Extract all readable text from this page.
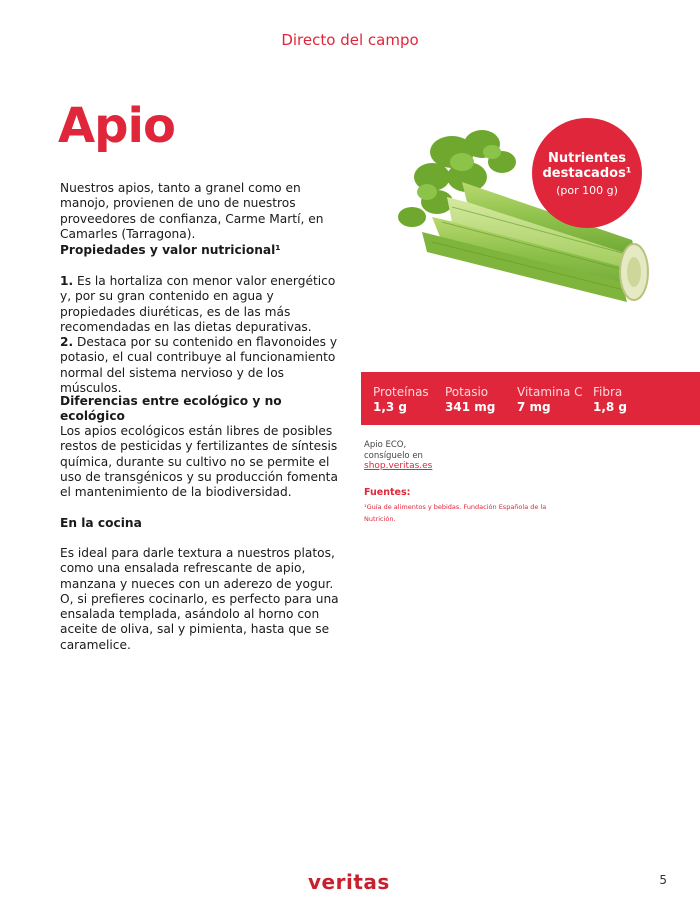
Directo del campo
Apio

Nuestros apios, tanto a granel como en manojo, provienen de uno de nuestros proveedores de confianza, Carme Martí, en Camarles (Tarragona).

Propiedades y valor nutricional¹

1. Es la hortaliza con menor valor energético y, por su gran contenido en agua y propiedades diuréticas, es de las más recomendadas en las dietas depurativas.

2. Destaca por su contenido en flavonoides y potasio, el cual contribuye al funcionamiento normal del sistema nervioso y de los músculos.

Diferencias entre ecológico y no ecológico

Los apios ecológicos están libres de posibles restos de pesticidas y fertilizantes de síntesis química, durante su cultivo no se permite el uso de transgénicos y su producción fomenta el mantenimiento de la biodiversidad.

En la cocina

Es ideal para darle textura a nuestros platos, como una ensalada refrescante de apio, manzana y nueces con un aderezo de yogur. O, si prefieres cocinarlo, es perfecto para una ensalada templada, asándolo al horno con aceite de oliva, sal y pimienta, hasta que se caramelice.

Nutrientes destacados¹
(por 100 g)
Proteínas
1,3 g
Potasio
341 mg
Vitamina C
7 mg
Fibra
1,8 g
Apio ECO,
consíguelo en
shop.veritas.es
Fuentes:
¹Guía de alimentos y bebidas. Fundación Española de la Nutrición.
veritas	5
